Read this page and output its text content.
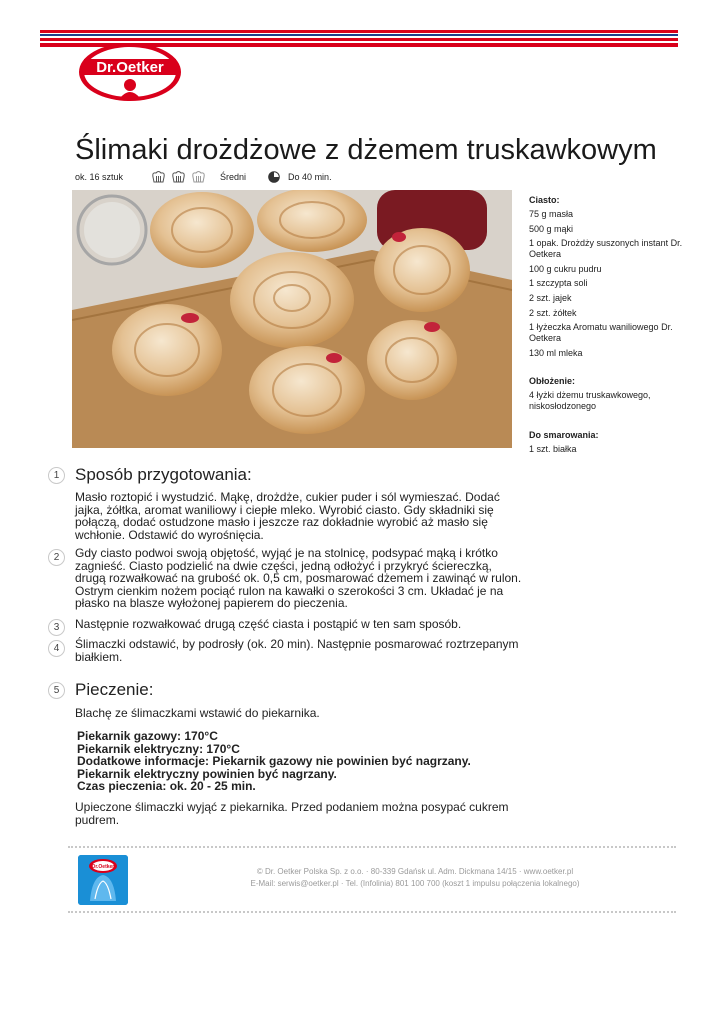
Dr.Oetker
Ślimaki drożdżowe z dżemem truskawkowym
ok. 16 sztuk	Średni	Do 40 min.
Ciasto:
75 g masła
500 g mąki
1 opak. Drożdży suszonych instant Dr. Oetkera
100 g cukru pudru
1 szczypta soli
2 szt. jajek
2 szt. żółtek
1 łyżeczka Aromatu waniliowego Dr. Oetkera
130 ml mleka
Obłożenie:
4 łyżki dżemu truskawkowego, niskosłodzonego
Do smarowania:
1 szt. białka
1 Sposób przygotowania:
Masło roztopić i wystudzić. Mąkę, drożdże, cukier puder i sól wymieszać. Dodać jajka, żółtka, aromat waniliowy i ciepłe mleko. Wyrobić ciasto. Gdy składniki się połączą, dodać ostudzone masło i jeszcze raz dokładnie wyrobić aż masło się wchłonie. Odstawić do wyrośnięcia.
2	Gdy ciasto podwoi swoją objętość, wyjąć je na stolnicę, podsypać mąką i krótko zagnieść. Ciasto podzielić na dwie części, jedną odłożyć i przykryć ściereczką, drugą rozwałkować na grubość ok. 0,5 cm, posmarować dżemem i zawinąć w rulon. Ostrym cienkim nożem pociąć rulon na kawałki o szerokości 3 cm. Układać je na płasko na blasze wyłożonej papierem do pieczenia.
3	Następnie rozwałkować drugą część ciasta i postąpić w ten sam sposób.
4	Ślimaczki odstawić, by podrosły (ok. 20 min). Następnie posmarować roztrzepanym białkiem.
5 Pieczenie:
Blachę ze ślimaczkami wstawić do piekarnika.
Piekarnik gazowy: 170°C
Piekarnik elektryczny: 170°C
Dodatkowe informacje: Piekarnik gazowy nie powinien być nagrzany. Piekarnik elektryczny powinien być nagrzany.
Czas pieczenia: ok. 20 - 25 min.
Upieczone ślimaczki wyjąć z piekarnika. Przed podaniem można posypać cukrem pudrem.
Dr.Oetker	© Dr. Oetker Polska Sp. z o.o. · 80-339 Gdańsk ul. Adm. Dickmana 14/15 · www.oetker.pl
E-Mail: serwis@oetker.pl · Tel. (Infolinia) 801 100 700 (koszt 1 impulsu połączenia lokalnego)
